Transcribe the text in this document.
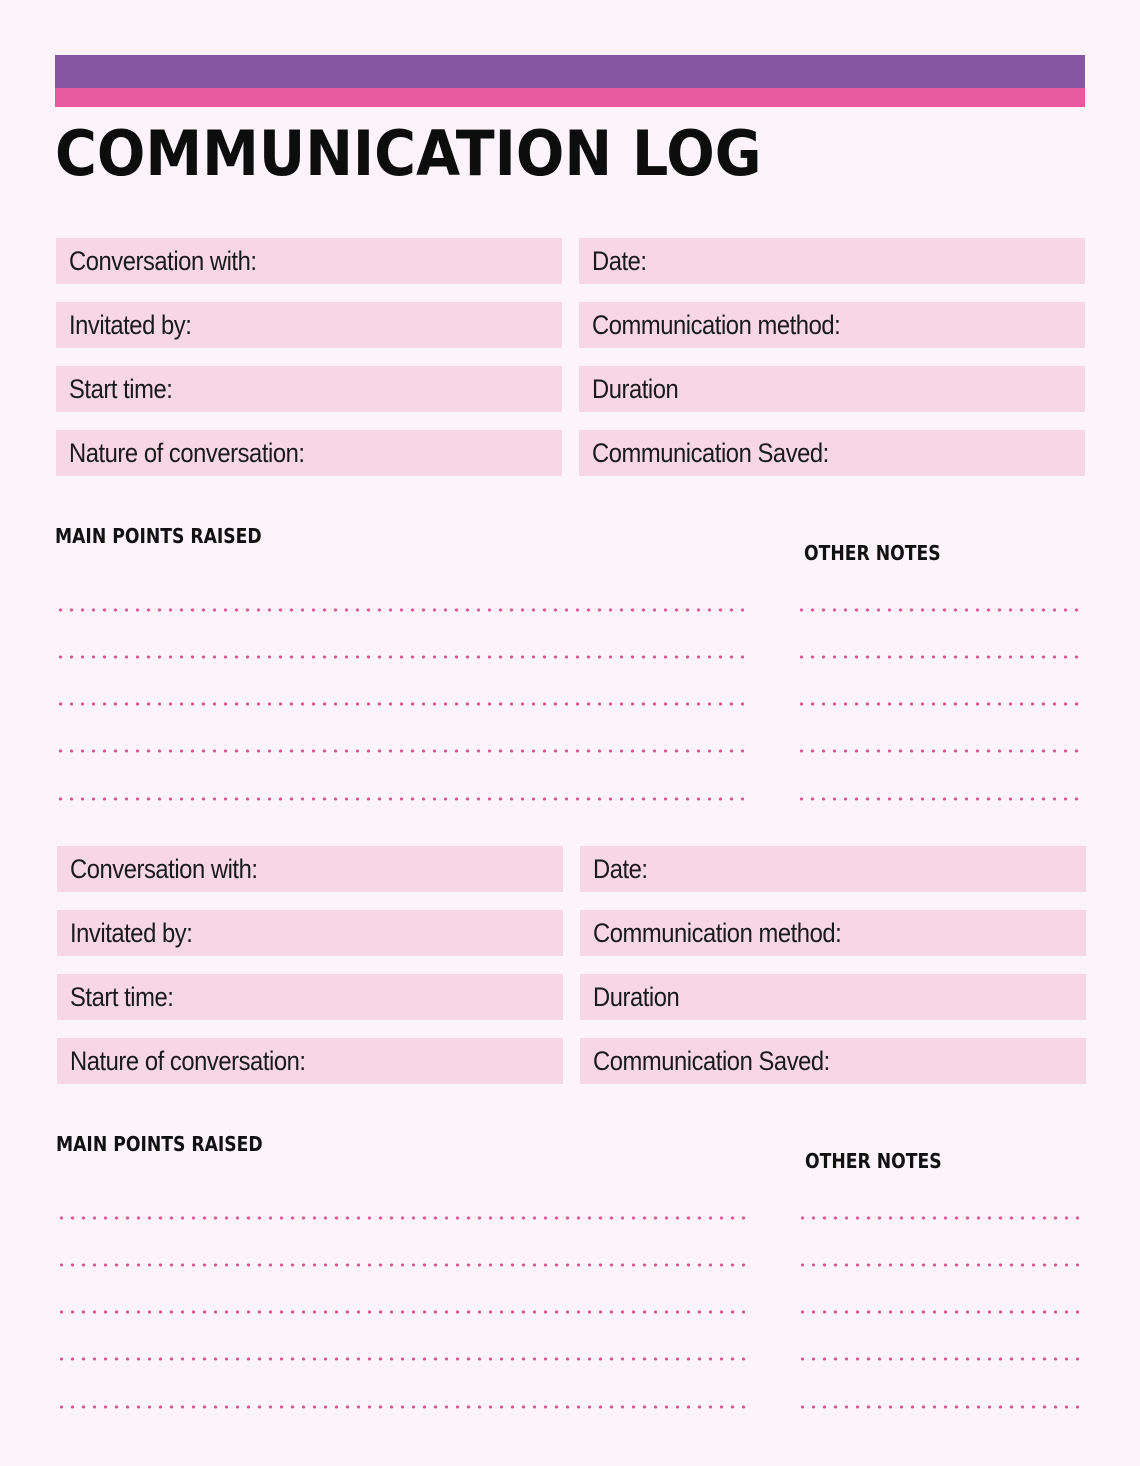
COMMUNICATION LOG
Conversation with:
Invitated by:
Start time:
Nature of conversation:
Date:
Communication method:
Duration
Communication Saved:
MAIN POINTS RAISED
OTHER NOTES
Conversation with:
Invitated by:
Start time:
Nature of conversation:
Date:
Communication method:
Duration
Communication Saved:
MAIN POINTS RAISED
OTHER NOTES
